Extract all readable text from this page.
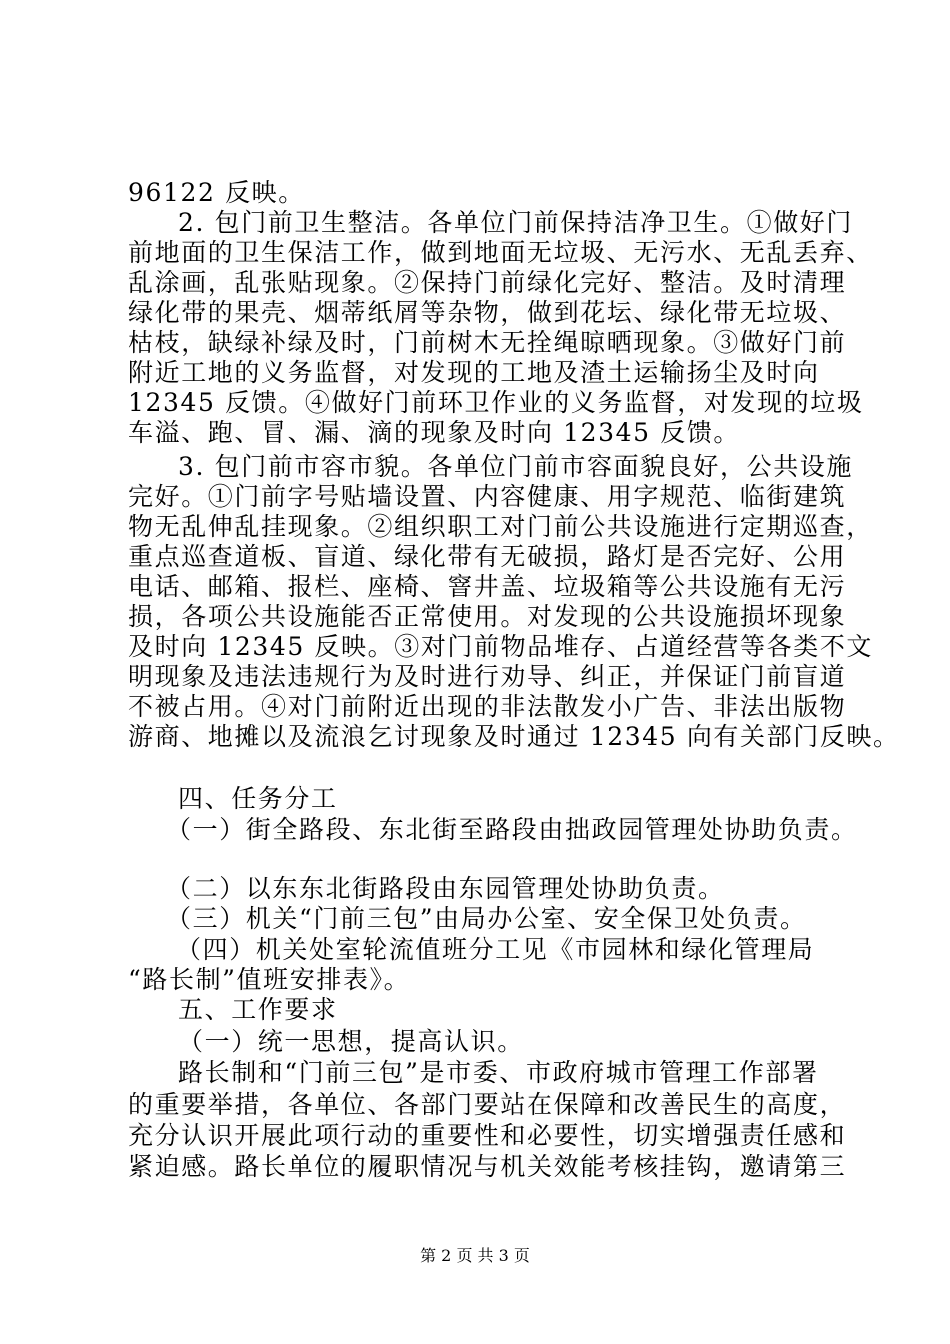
96122 反映。

2. 包门前卫生整洁。各单位门前保持洁净卫生。①做好门

前地面的卫生保洁工作，做到地面无垃圾、无污水、无乱丢弃、

乱涂画，乱张贴现象。②保持门前绿化完好、整洁。及时清理

绿化带的果壳、烟蒂纸屑等杂物，做到花坛、绿化带无垃圾、

枯枝，缺绿补绿及时，门前树木无拴绳晾晒现象。③做好门前

附近工地的义务监督，对发现的工地及渣土运输扬尘及时向

12345 反馈。④做好门前环卫作业的义务监督，对发现的垃圾

车溢、跑、冒、漏、滴的现象及时向 12345 反馈。

3. 包门前市容市貌。各单位门前市容面貌良好，公共设施

完好。①门前字号贴墙设置、内容健康、用字规范、临街建筑

物无乱伸乱挂现象。②组织职工对门前公共设施进行定期巡查，

重点巡查道板、盲道、绿化带有无破损，路灯是否完好、公用

电话、邮箱、报栏、座椅、窨井盖、垃圾箱等公共设施有无污

损，各项公共设施能否正常使用。对发现的公共设施损坏现象

及时向 12345 反映。③对门前物品堆存、占道经营等各类不文

明现象及违法违规行为及时进行劝导、纠正，并保证门前盲道

不被占用。④对门前附近出现的非法散发小广告、非法出版物

游商、地摊以及流浪乞讨现象及时通过 12345 向有关部门反映。

四、任务分工

（一）街全路段、东北街至路段由拙政园管理处协助负责。

（二）以东东北街路段由东园管理处协助负责。

（三）机关“门前三包”由局办公室、安全保卫处负责。

（四）机关处室轮流值班分工见《市园林和绿化管理局

“路长制”值班安排表》。

五、工作要求

（一）统一思想，提高认识。

路长制和“门前三包”是市委、市政府城市管理工作部署

的重要举措，各单位、各部门要站在保障和改善民生的高度，

充分认识开展此项行动的重要性和必要性，切实增强责任感和

紧迫感。路长单位的履职情况与机关效能考核挂钩，邀请第三

第 2 页 共 3 页
